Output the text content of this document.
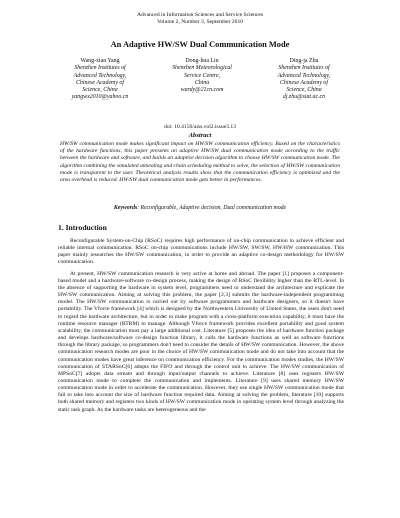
Advanced in Information Sciences and Service Sciences
Volume 2, Number 3, September 2010
An Adaptive HW/SW Dual Communication Mode
Wang-xian Yang
Shenzhen Institutes of
Advanced Technology,
Chinese Academy of
Science, China
yangwx2010@yahoo.cn
Dong-hua Liu
Shenzhen Meteorological
Service Centre,
China
wardy@21cn.com
Ding-ja Zhu
Shenzhen Institutes of
Advanced Technology,
Chinese Academy of
Science, China
dj.zhu@siat.ac.cn
doi: 10.4156/aiss.vol2.issue3.13
Abstract
HW/SW communication mode makes significant impact on HW/SW communication efficiency. Based on the characteristics of the hardware functions, this paper presents an adaptive HW/SW dual communication mode according to the traffic between the hardware and software, and builds an adaptive decision algorithm to choose HW/SW communication mode. The algorithm combining the simulated annealing and chain scheduling method to solve, the selection of HW/SW communication mode is transparent to the user. Theoretical analysis results show that the communication efficiency is optimized and the area overhead is reduced. HW/SW dual communication mode gets better in performances.
Keywords: Reconfigurable, Adaptive decision, Dual communication mode
1. Introduction

Reconfigurable System-on-Chip (RSoC) requires high performance of on-chip communication to achieve efficient and reliable internal communication. RSoC on-chip communications include HW/SW, SW/SW, HW/HW communication. This paper mainly researches the HW/SW communication, in order to provide an adaptive co-design methodology for HW/SW communication.

At present, HW/SW communication research is very active at home and abroad. The paper [1] proposes a component-based model and a hardware-software co-design process, making the design of RSoC flexibility higher than the RTL-level. In the absence of supporting the hardware in system level, programmers need to understand the architecture and explicate the HW/SW communication. Aiming at solving this problem, the paper [2,3] submits the hardware-independent programming model. The HW/SW communication is carried out by software programmers and hardware designers, so it doesn't have portability. The Vforce framework [4] which is designed by the Northwestern University of United States, the users don't need to regard the hardware architecture, but in order to make program with a cross-platform execution capability, it must have the runtime resource manager (RTRM) to manage. Although Vforce framework provides excellent portability and good system scalability, the communication must pay a large additional cost. Literature [5] proposes the idea of hardware function package and develops hardware/software co-design function library, it calls the hardware functions as well as software functions through the library package, so programmers don't need to consider the details of HW/SW communication. However, the above communication research modes are poor in the choice of HW/SW communication mode and do not take into account that the communication modes have great inference on communication efficiency. For the communication modes studies, the HW/SW communication of STARSoC[6] adopts the FIFO and through the control unit to achieve. The HW/SW communication of MPSoC[7] adopts data stream and through input/output channels to achieve. Literature [8] uses registers HW/SW communication mode to complete the communication and implements. Literature [9] uses shared memory HW/SW communication mode in order to accelerate the communication. However, they use single HW/SW communication mode that fail to take into account the size of hardware function required data. Aiming at solving the problem, literature [10] supports both shared memory and registers two kinds of HW/SW communication mode in operating system level through analyzing the static task graph. As the hardware tasks are heterogeneous and the
